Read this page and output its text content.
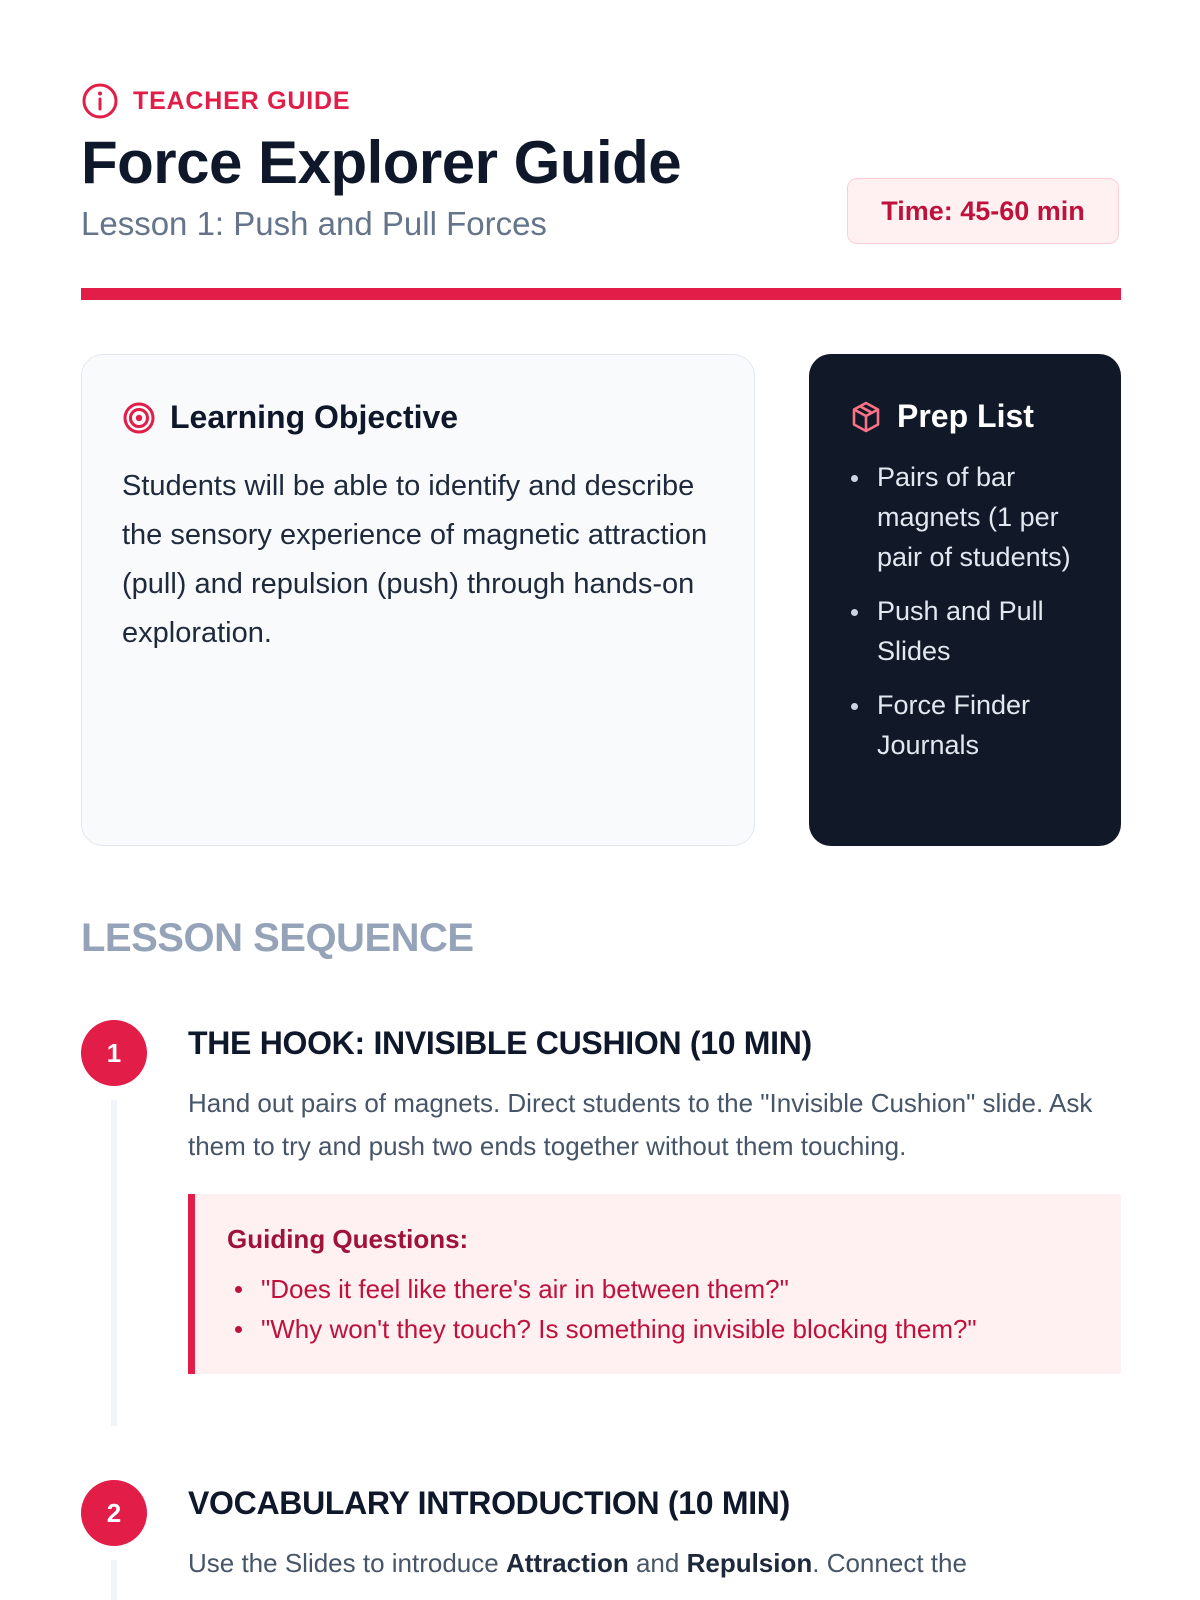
TEACHER GUIDE
Force Explorer Guide

Lesson 1: Push and Pull Forces	Time: 45-60 min
Learning Objective

Students will be able to identify and describe the sensory experience of magnetic attraction (pull) and repulsion (push) through hands-on exploration.

Prep List
Pairs of bar magnets (1 per pair of students)
Push and Pull Slides
Force Finder Journals
LESSON SEQUENCE
1	THE HOOK: INVISIBLE CUSHION (10 MIN)

Hand out pairs of magnets. Direct students to the "Invisible Cushion" slide. Ask them to try and push two ends together without them touching.

Guiding Questions:
"Does it feel like there's air in between them?"
"Why won't they touch? Is something invisible blocking them?"
2	VOCABULARY INTRODUCTION (10 MIN)

Use the Slides to introduce Attraction and Repulsion. Connect the
